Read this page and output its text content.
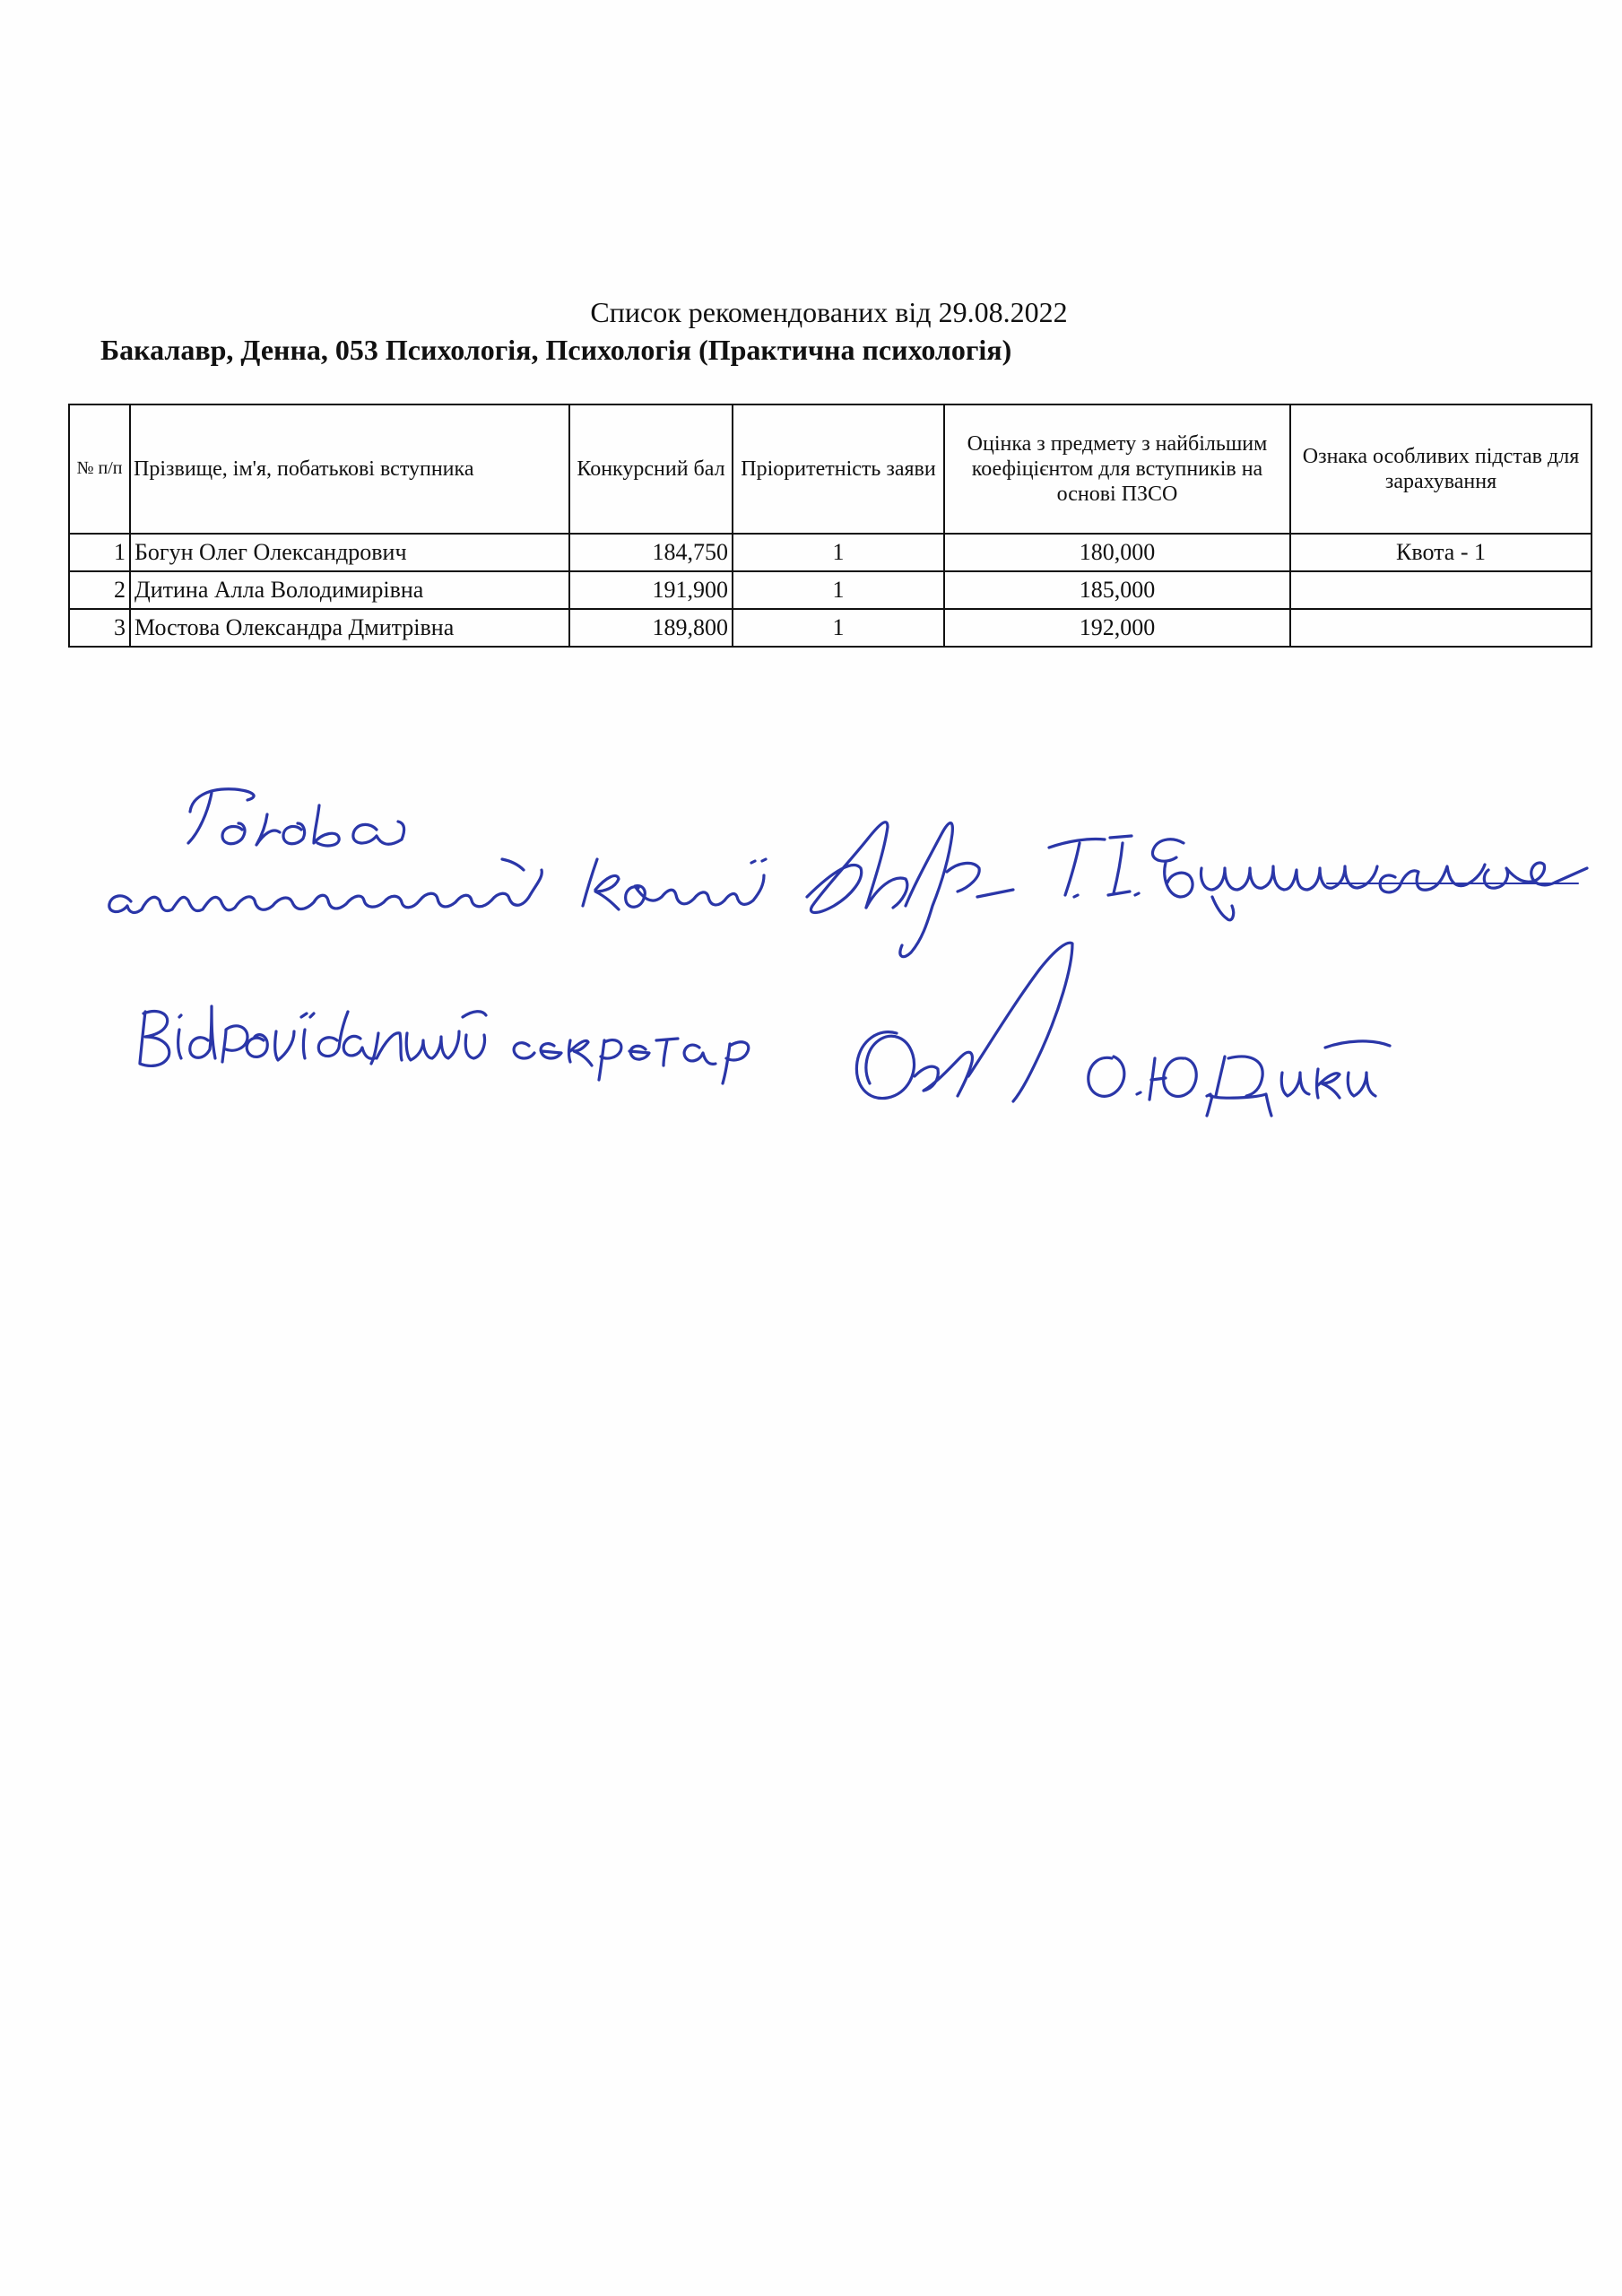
Список рекомендованих від 29.08.2022
Бакалавр, Денна, 053 Психологія, Психологія (Практична психологія)
№ п/п	Прізвище, ім'я, побатькові вступника	Конкурсний бал	Пріоритетність заяви	Оцінка з предмету з найбільшим коефіцієнтом для вступників на основі ПЗСО	Ознака особливих підстав для зарахування
1	Богун Олег Олександрович	184,750	1	180,000	Квота - 1
2	Дитина Алла Володимирівна	191,900	1	185,000	
3	Мостова Олександра Дмитрівна	189,800	1	192,000	
